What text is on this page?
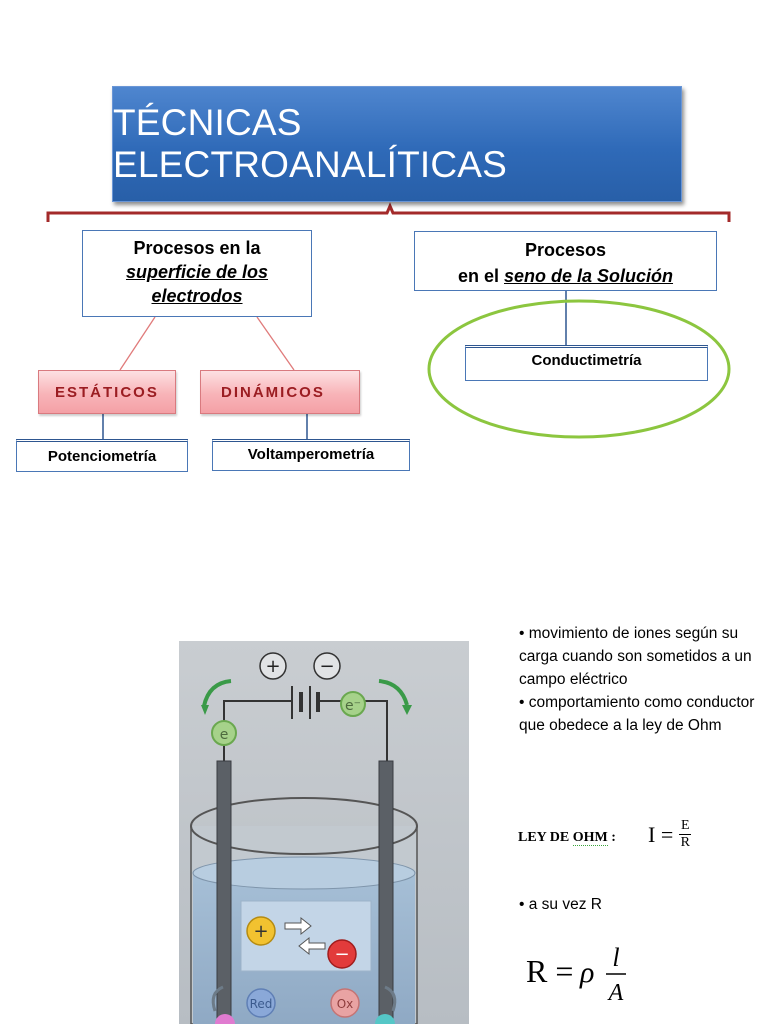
TÉCNICAS ELECTROANALÍTICAS
Procesos en la
superficie de los
electrodos
Procesos
en el seno de la Solución
ESTÁTICOS	DINÁMICOS
Potenciometría	Voltamperometría
Conductimetría
+ −
e⁻
e
+
−
Red	Ox

• movimiento de iones según su carga cuando son sometidos a un campo eléctrico

• comportamiento como conductor que obedece a la ley de Ohm

LEY DE OHM : $I = \frac{E}{R}$
• a su vez R
R = ρ l
A
